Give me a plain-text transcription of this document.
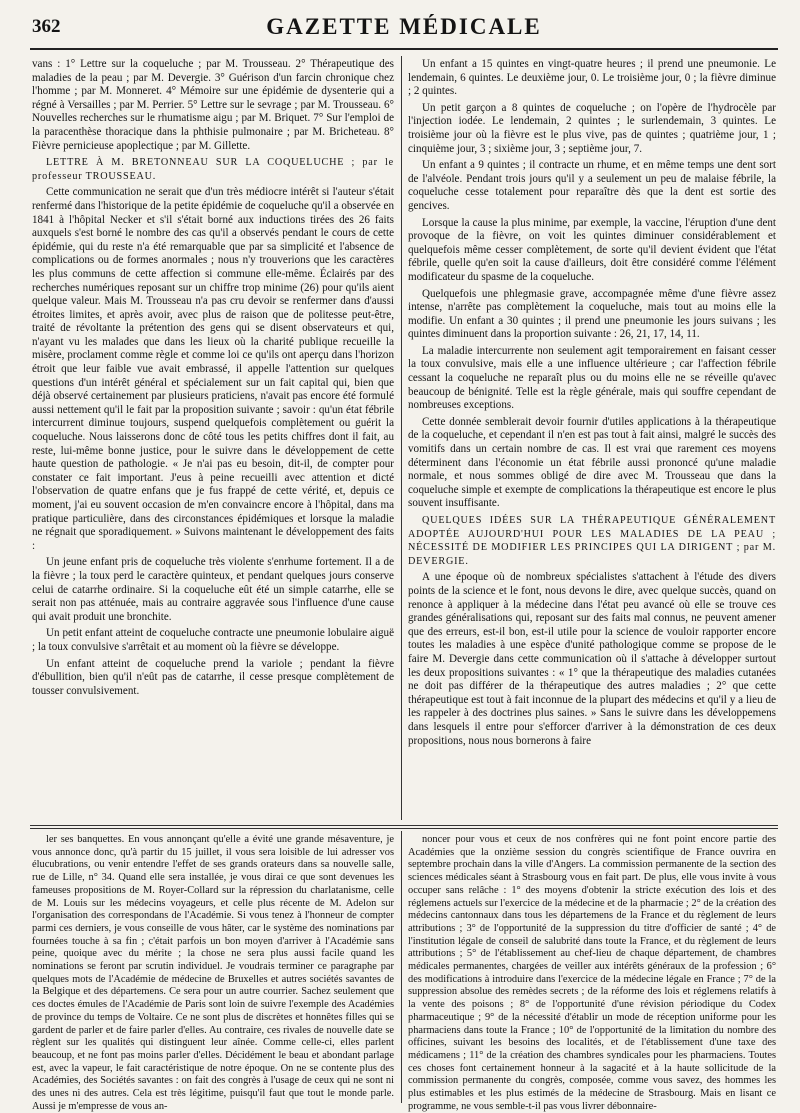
362	GAZETTE MÉDICALE

vans : 1° Lettre sur la coqueluche ; par M. Trousseau. 2° Thérapeutique des maladies de la peau ; par M. Devergie. 3° Guérison d'un farcin chronique chez l'homme ; par M. Monneret. 4° Mémoire sur une épidémie de dysenterie qui a régné à Versailles ; par M. Perrier. 5° Lettre sur le sevrage ; par M. Trousseau. 6° Nouvelles recherches sur le rhumatisme aigu ; par M. Briquet. 7° Sur l'emploi de la paracenthèse thoracique dans la phthisie pulmonaire ; par M. Bricheteau. 8° Fièvre pernicieuse apoplectique ; par M. Gillette.

LETTRE À M. BRETONNEAU SUR LA COQUELUCHE ; par le professeur TROUSSEAU.

Cette communication ne serait que d'un très médiocre intérêt si l'auteur s'était renfermé dans l'historique de la petite épidémie de coqueluche qu'il a observée en 1841 à l'hôpital Necker et s'il s'était borné aux inductions tirées des 26 faits auxquels s'est borné le nombre des cas qu'il a observés pendant le cours de cette épidémie, qui du reste n'a été remarquable que par sa simplicité et l'absence de complications ou de formes anormales ; nous n'y trouverions que les caractères les plus communs de cette affection si commune elle-même. Éclairés par des recherches numériques reposant sur un chiffre trop minime (26) pour qu'ils aient quelque valeur. Mais M. Trousseau n'a pas cru devoir se renfermer dans d'aussi étroites limites, et après avoir, avec plus de raison que de politesse peut-être, traité de révoltante la prétention des gens qui se disent observateurs et qui, n'ayant vu les malades que dans les lieux où la charité publique recueille la misère, proclament comme règle et comme loi ce qu'ils ont aperçu dans l'horizon étroit que leur faible vue avait embrassé, il appelle l'attention sur quelques questions d'un intérêt général et spécialement sur un fait capital qui, bien que déjà observé certainement par plusieurs praticiens, n'avait pas encore été formulé aussi nettement qu'il le fait par la proposition suivante ; savoir : qu'un état fébrile intercurrent diminue toujours, suspend quelquefois complètement ou guérit la coqueluche. Nous laisserons donc de côté tous les petits chiffres dont il fait, au reste, lui-même bonne justice, pour le suivre dans le développement de cette haute question de pathologie. « Je n'ai pas eu besoin, dit-il, de compter pour constater ce fait important. J'eus à peine recueilli avec attention et dicté l'observation de quatre enfans que je fus frappé de cette vérité, et, depuis ce moment, j'ai eu souvent occasion de m'en convaincre encore à l'hôpital, dans ma pratique particulière, dans des circonstances épidémiques et lorsque la maladie ne régnait que sporadiquement. » Suivons maintenant le développement des faits :

Un jeune enfant pris de coqueluche très violente s'enrhume fortement. Il a de la fièvre ; la toux perd le caractère quinteux, et pendant quelques jours conserve celui de catarrhe ordinaire. Si la coqueluche eût été un simple catarrhe, elle se serait non pas atténuée, mais au contraire aggravée sous l'influence d'une cause qui avait produit une bronchite.

Un petit enfant atteint de coqueluche contracte une pneumonie lobulaire aiguë ; la toux convulsive s'arrêtait et au moment où la fièvre se développe.

Un enfant atteint de coqueluche prend la variole ; pendant la fièvre d'ébullition, bien qu'il n'eût pas de catarrhe, il cesse presque complètement de tousser convulsivement.

Un enfant a 15 quintes en vingt-quatre heures ; il prend une pneumonie. Le lendemain, 6 quintes. Le deuxième jour, 0. Le troisième jour, 0 ; la fièvre diminue ; 2 quintes.

Un petit garçon a 8 quintes de coqueluche ; on l'opère de l'hydrocèle par l'injection iodée. Le lendemain, 2 quintes ; le surlendemain, 3 quintes. Le troisième jour où la fièvre est le plus vive, pas de quintes ; quatrième jour, 1 ; cinquième jour, 3 ; sixième jour, 3 ; septième jour, 7.

Un enfant a 9 quintes ; il contracte un rhume, et en même temps une dent sort de l'alvéole. Pendant trois jours qu'il y a seulement un peu de malaise fébrile, la coqueluche cesse totalement pour reparaître dès que la dent est sortie des gencives.

Lorsque la cause la plus minime, par exemple, la vaccine, l'éruption d'une dent provoque de la fièvre, on voit les quintes diminuer considérablement et quelquefois même cesser complètement, de sorte qu'il devient évident que l'état fébrile, quelle qu'en soit la cause d'ailleurs, doit être considéré comme l'élément modificateur du spasme de la coqueluche.

Quelquefois une phlegmasie grave, accompagnée même d'une fièvre assez intense, n'arrête pas complètement la coqueluche, mais tout au moins elle la modifie. Un enfant a 30 quintes ; il prend une pneumonie les jours suivans ; les quintes diminuent dans la proportion suivante : 26, 21, 17, 14, 11.

La maladie intercurrente non seulement agit temporairement en faisant cesser la toux convulsive, mais elle a une influence ultérieure ; car l'affection fébrile cessant la coqueluche ne reparaît plus ou du moins elle ne se réveille qu'avec beaucoup de bénignité. Telle est la règle générale, mais qui souffre cependant de nombreuses exceptions.

Cette donnée semblerait devoir fournir d'utiles applications à la thérapeutique de la coqueluche, et cependant il n'en est pas tout à fait ainsi, malgré le succès des vomitifs dans un certain nombre de cas. Il est vrai que rarement ces moyens déterminent dans l'économie un état fébrile aussi prononcé qu'une maladie normale, et nous sommes obligé de dire avec M. Trousseau que dans la coqueluche simple et exempte de complications la thérapeutique est encore le plus souvent insuffisante.

QUELQUES IDÉES SUR LA THÉRAPEUTIQUE GÉNÉRALEMENT ADOPTÉE AUJOURD'HUI POUR LES MALADIES DE LA PEAU ; NÉCESSITÉ DE MODIFIER LES PRINCIPES QUI LA DIRIGENT ; par M. DEVERGIE.

A une époque où de nombreux spécialistes s'attachent à l'étude des divers points de la science et le font, nous devons le dire, avec quelque succès, quand on renonce à appliquer à la médecine dans l'état peu avancé où elle se trouve ces grandes généralisations qui, reposant sur des faits mal connus, ne peuvent amener que des erreurs, est-il bon, est-il utile pour la science de vouloir rapporter encore toutes les maladies à une espèce d'unité pathologique comme se propose de le faire M. Devergie dans cette communication où il s'attache à développer surtout les deux propositions suivantes : « 1° que la thérapeutique des maladies cutanées ne doit pas différer de la thérapeutique des autres maladies ; 2° que cette thérapeutique est tout à fait inconnue de la plupart des médecins et qu'il y a lieu de les rappeler à des doctrines plus saines. » Sans le suivre dans les développemens dans lesquels il entre pour s'efforcer d'arriver à la démonstration de ces deux propositions, nous nous bornerons à faire

ler ses banquettes. En vous annonçant qu'elle a évité une grande mésaventure, je vous annonce donc, qu'à partir du 15 juillet, il vous sera loisible de lui adresser vos élucubrations, ou venir entendre l'effet de ses grands orateurs dans sa nouvelle salle, rue de Lille, n° 34. Quand elle sera installée, je vous dirai ce que sont devenues les fameuses propositions de M. Royer-Collard sur la répression du charlatanisme, celle de M. Louis sur les médecins voyageurs, et celle plus récente de M. Adelon sur l'organisation des correspondans de l'Académie. Si vous tenez à l'honneur de compter parmi ces derniers, je vous conseille de vous hâter, car le système des nominations par fournées touche à sa fin ; c'était parfois un bon moyen d'arriver à l'Académie sans peine, quoique avec du mérite ; la chose ne sera plus aussi facile quand les nominations se feront par scrutin individuel. Je voudrais terminer ce paragraphe par quelques mots de l'Académie de médecine de Bruxelles et autres sociétés savantes de la Belgique et des départemens. Ce sera pour un autre courrier. Sachez seulement que ces doctes émules de l'Académie de Paris sont loin de suivre l'exemple des Académies de province du temps de Voltaire. Ce ne sont plus de discrètes et honnêtes filles qui se gardent de parler et de faire parler d'elles. Au contraire, ces rivales de nouvelle date se règlent sur les qualités qui distinguent leur aînée. Comme celle-ci, elles parlent beaucoup, et ne font pas moins parler d'elles. Décidément le beau et abondant parlage est, avec la vapeur, le fait caractéristique de notre époque. On ne se contente plus des Académies, des Sociétés savantes : on fait des congrès à l'usage de ceux qui ne sont ni des unes ni des autres. Cela est très légitime, puisqu'il faut que tout le monde parle. Aussi je m'empresse de vous an-

noncer pour vous et ceux de nos confrères qui ne font point encore partie des Académies que la onzième session du congrès scientifique de France ouvrira en septembre prochain dans la ville d'Angers. La commission permanente de la section des sciences médicales séant à Strasbourg vous en fait part. De plus, elle vous invite à vous occuper sans relâche : 1° des moyens d'obtenir la stricte exécution des lois et des réglemens actuels sur l'exercice de la médecine et de la pharmacie ; 2° de la création des médecins cantonnaux dans tous les départemens de la France et du règlement de leurs attributions ; 3° de l'opportunité de la suppression du titre d'officier de santé ; 4° de l'institution légale de conseil de salubrité dans toute la France, et du règlement de leurs attributions ; 5° de l'établissement au chef-lieu de chaque département, de chambres médicales permanentes, chargées de veiller aux intérêts généraux de la profession ; 6° des modifications à introduire dans l'exercice de la médecine légale en France ; 7° de la suppression absolue des remèdes secrets ; de la réforme des lois et réglemens relatifs à la vente des poisons ; 8° de l'opportunité d'une révision périodique du Codex pharmaceutique ; 9° de la nécessité d'établir un mode de réception uniforme pour les pharmaciens dans toute la France ; 10° de l'opportunité de la limitation du nombre des officines, suivant les besoins des localités, et de l'établissement d'une taxe des médicamens ; 11° de la création des chambres syndicales pour les pharmaciens. Toutes ces choses font certainement honneur à la sagacité et à la haute sollicitude de la commission permanente du congrès, composée, comme vous savez, des hommes les plus estimables et les plus estimés de la médecine de Strasbourg. Mais en lisant ce programme, ne vous semble-t-il pas vous livrer débonnaire-
